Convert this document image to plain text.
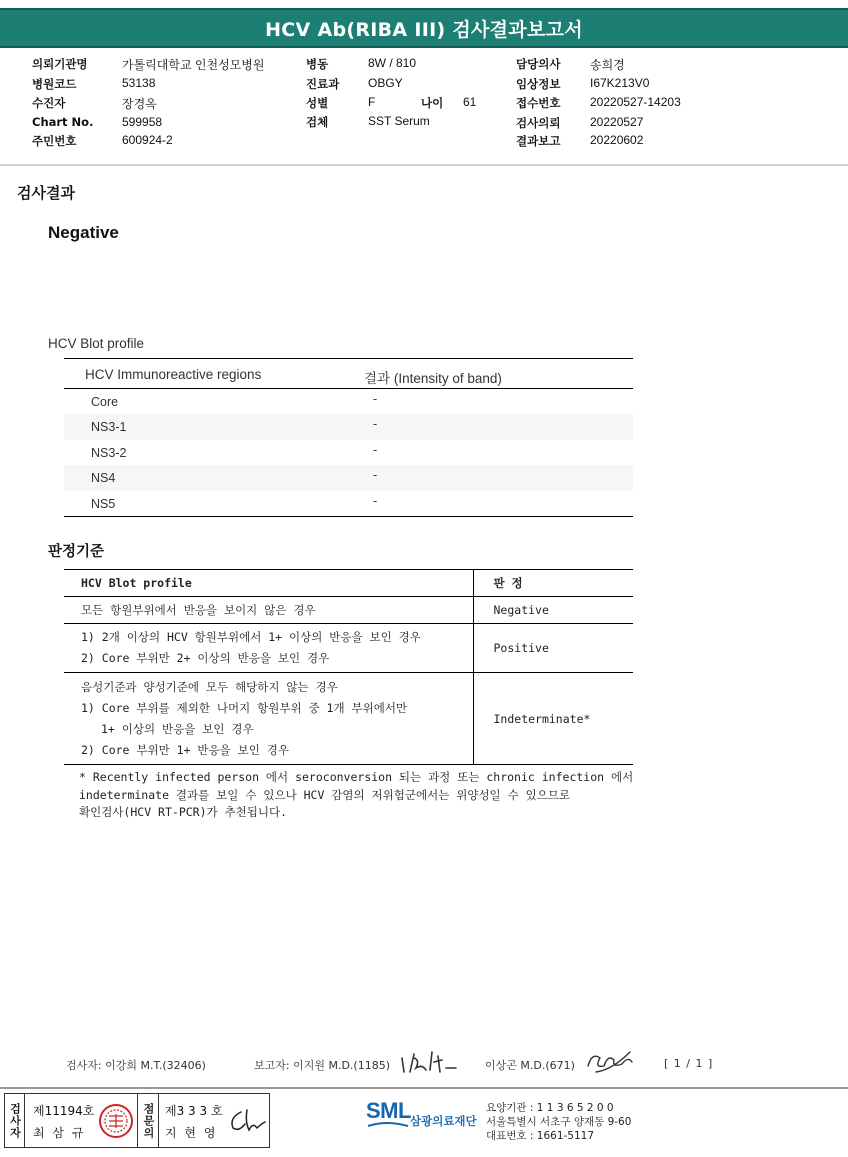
HCV Ab(RIBA III) 검사결과보고서
의뢰기관명	가톨릭대학교 인천성모병원
병원코드	53138
수진자	장경옥
Chart No. 599958
주민번호	600924-2
병동	8W / 810
진료과 OBGY
성별	F	나이 61
검체	SST Serum
담당의사 송희경
임상정보 I67K213V0
접수번호 20220527-14203
검사의뢰 20220527
결과보고 20220602
검사결과
Negative
HCV Blot profile
HCV Immunoreactive regions	결과 (Intensity of band)
Core	-
NS3-1	-
NS3-2	-
NS4	-
NS5	-
판정기준
HCV Blot profile	판 정

모든 항원부위에서 반응을 보이지 않은 경우	Negative

1) 2개 이상의 HCV 항원부위에서 1+ 이상의 반응을 보인 경우
2) Core 부위만 2+ 이상의 반응을 보인 경우	Positive

음성기준과 양성기준에 모두 해당하지 않는 경우
1) Core 부위를 제외한 나머지 항원부위 중 1개 부위에서만
1+ 이상의 반응을 보인 경우
2) Core 부위만 1+ 반응을 보인 경우	Indeterminate*
* Recently infected person 에서 seroconversion 되는 과정 또는 chronic infection 에서
indeterminate 결과를 보일 수 있으나 HCV 감염의 저위험군에서는 위양성일 수 있으므로
확인검사(HCV RT-PCR)가 추천됩니다.
검사자: 이강희 M.T.(32406)	보고자: 이지원 M.D.(1185)	이상곤 M.D.(671)	[ 1 / 1 ]
검사자 제11194호
최 삼 규	점문의 제3 3 3 호
지 현 영
SML 삼광의료재단
요양기관 : 1 1 3 6 5 2 0 0
서울특별시 서초구 양재동 9-60
대표번호 : 1661-5117
